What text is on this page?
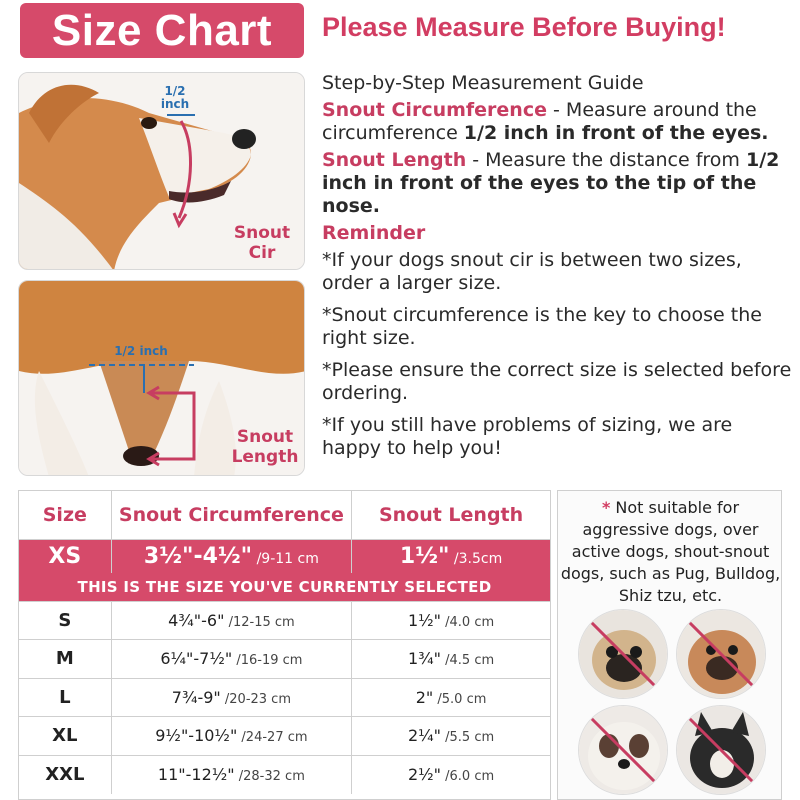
Size Chart	Please Measure Before Buying!
1/2
inch
Snout
Cir
1/2 inch
Snout
Length

Step-by-Step Measurement Guide

Snout Circumference - Measure around the circumference 1/2 inch in front of the eyes.

Snout Length - Measure the distance from 1/2 inch in front of the eyes to the tip of the nose.

Reminder

*If your dogs snout cir is between two sizes, order a larger size.

*Snout circumference is the key to choose the right size.

*Please ensure the correct size is selected before ordering.

*If you still have problems of sizing, we are happy to help you!

Size	Snout Circumference	Snout Length
XS	3½"-4½" /9-11 cm	1½" /3.5cm
THIS IS THE SIZE YOU'VE CURRENTLY SELECTED		
S	4¾"-6" /12-15 cm	1½" /4.0 cm
M	6¼"-7½" /16-19 cm	1¾" /4.5 cm
L	7¾-9" /20-23 cm	2" /5.0 cm
XL	9½"-10½" /24-27 cm	2¼" /5.5 cm
XXL	11"-12½" /28-32 cm	2½" /6.0 cm
* Not suitable for aggressive dogs, over active dogs, shout-snout dogs, such as Pug, Bulldog, Shiz tzu, etc.
